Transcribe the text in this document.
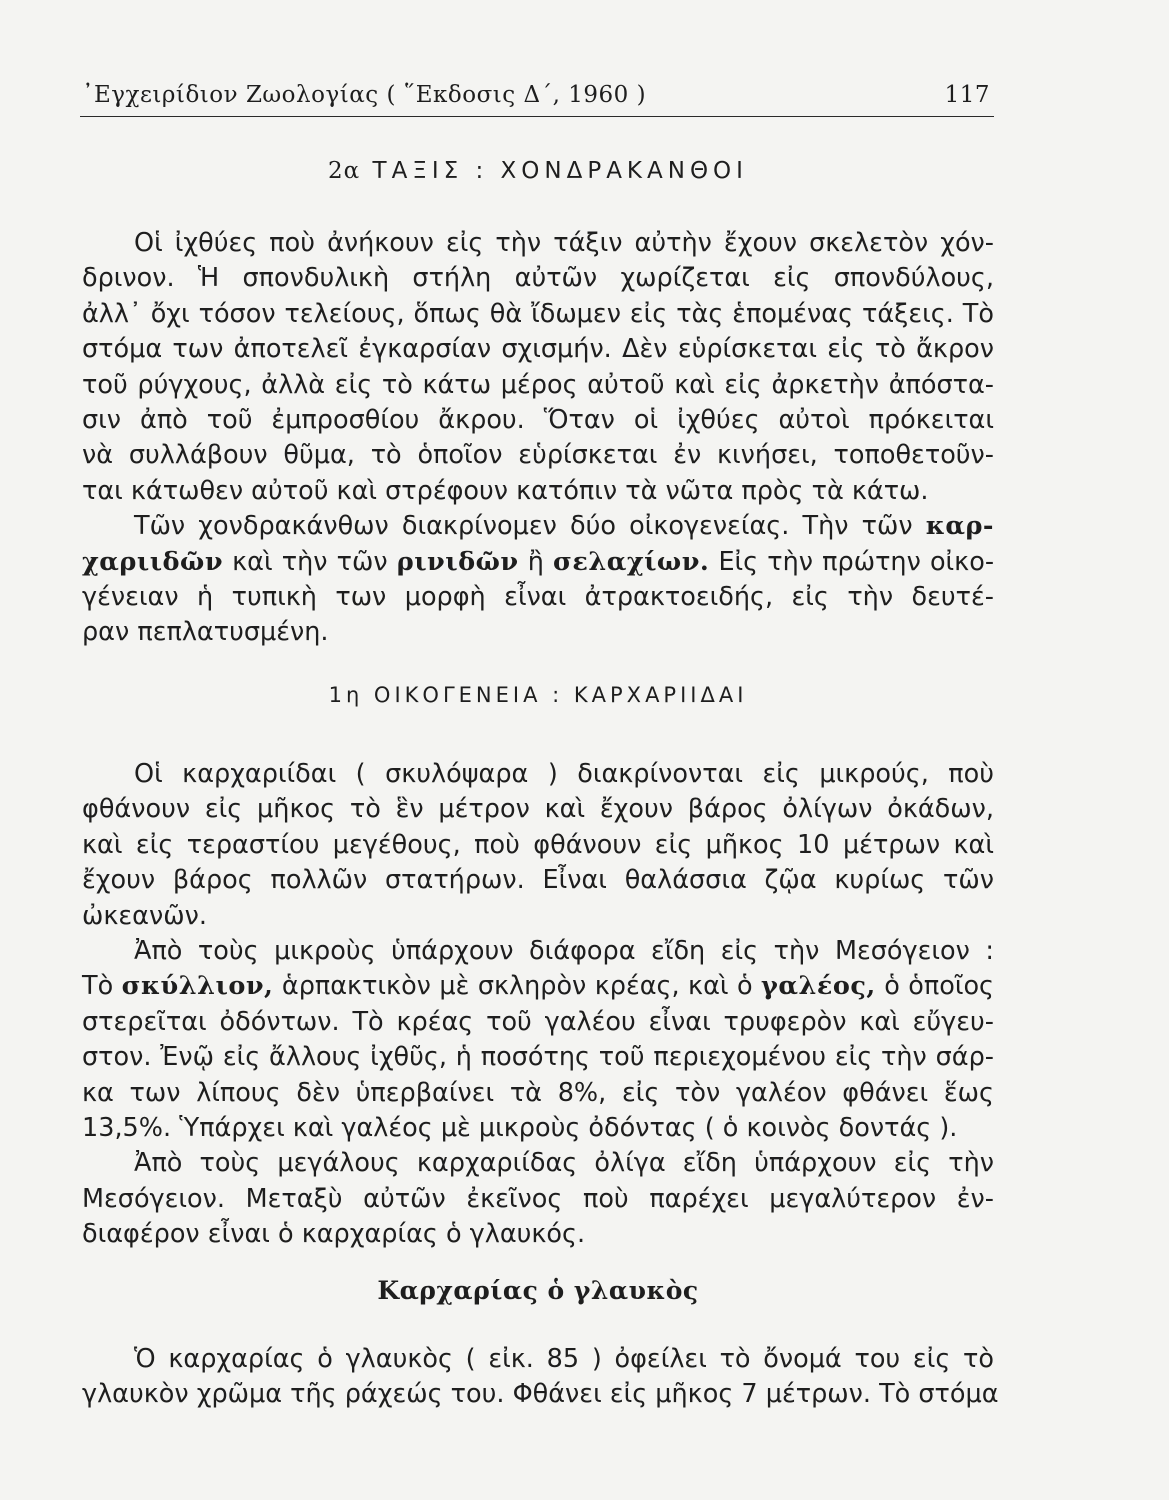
᾿Εγχειρίδιον Ζωολογίας ( ῞Εκδοσις Δ΄, 1960 )	117
2α ΤΑΞΙΣ : ΧΟΝΔΡΑΚΑΝΘΟΙ
Οἱ ἰχθύες ποὺ ἀνήκουν εἰς τὴν τάξιν αὐτὴν ἔχουν σκελετὸν χόν-
δρινον. Ἡ σπονδυλικὴ στήλη αὐτῶν χωρίζεται εἰς σπονδύλους,
ἀλλ᾿ ὄχι τόσον τελείους, ὅπως θὰ ἴδωμεν εἰς τὰς ἑπομένας τάξεις. Τὸ
στόμα των ἀποτελεῖ ἐγκαρσίαν σχισμήν. Δὲν εὑρίσκεται εἰς τὸ ἄκρον
τοῦ ρύγχους, ἀλλὰ εἰς τὸ κάτω μέρος αὐτοῦ καὶ εἰς ἀρκετὴν ἀπόστα-
σιν ἀπὸ τοῦ ἐμπροσθίου ἄκρου. Ὅταν οἱ ἰχθύες αὐτοὶ πρόκειται
νὰ συλλάβουν θῦμα, τὸ ὁποῖον εὑρίσκεται ἐν κινήσει, τοποθετοῦν-
ται κάτωθεν αὐτοῦ καὶ στρέφουν κατόπιν τὰ νῶτα πρὸς τὰ κάτω.
Τῶν χονδρακάνθων διακρίνομεν δύο οἰκογενείας. Τὴν τῶν καρ-
χαριιδῶν καὶ τὴν τῶν ρινιδῶν ἢ σελαχίων. Εἰς τὴν πρώτην οἰκο-
γένειαν ἡ τυπικὴ των μορφὴ εἶναι ἀτρακτοειδής, εἰς τὴν δευτέ-
ραν πεπλατυσμένη.
1η ΟΙΚΟΓΕΝΕΙΑ : ΚΑΡΧΑΡΙΙΔΑΙ
Οἱ καρχαριίδαι ( σκυλόψαρα ) διακρίνονται εἰς μικρούς, ποὺ
φθάνουν εἰς μῆκος τὸ ἓν μέτρον καὶ ἔχουν βάρος ὀλίγων ὀκάδων,
καὶ εἰς τεραστίου μεγέθους, ποὺ φθάνουν εἰς μῆκος 10 μέτρων καὶ
ἔχουν βάρος πολλῶν στατήρων. Εἶναι θαλάσσια ζῷα κυρίως τῶν
ὠκεανῶν.
Ἀπὸ τοὺς μικροὺς ὑπάρχουν διάφορα εἴδη εἰς τὴν Μεσόγειον :
Τὸ σκύλλιον, ἁρπακτικὸν μὲ σκληρὸν κρέας, καὶ ὁ γαλέος, ὁ ὁποῖος
στερεῖται ὀδόντων. Τὸ κρέας τοῦ γαλέου εἶναι τρυφερὸν καὶ εὔγευ-
στον. Ἐνῷ εἰς ἄλλους ἰχθῦς, ἡ ποσότης τοῦ περιεχομένου εἰς τὴν σάρ-
κα των λίπους δὲν ὑπερβαίνει τὰ 8%, εἰς τὸν γαλέον φθάνει ἕως
13,5%. Ὑπάρχει καὶ γαλέος μὲ μικροὺς ὀδόντας ( ὁ κοινὸς δοντάς ).
Ἀπὸ τοὺς μεγάλους καρχαριίδας ὀλίγα εἴδη ὑπάρχουν εἰς τὴν
Μεσόγειον. Μεταξὺ αὐτῶν ἐκεῖνος ποὺ παρέχει μεγαλύτερον ἐν-
διαφέρον εἶναι ὁ καρχαρίας ὁ γλαυκός.
Καρχαρίας ὁ γλαυκὸς
Ὁ καρχαρίας ὁ γλαυκὸς ( εἰκ. 85 ) ὀφείλει τὸ ὄνομά του εἰς τὸ
γλαυκὸν χρῶμα τῆς ράχεώς του. Φθάνει εἰς μῆκος 7 μέτρων. Τὸ στόμα
